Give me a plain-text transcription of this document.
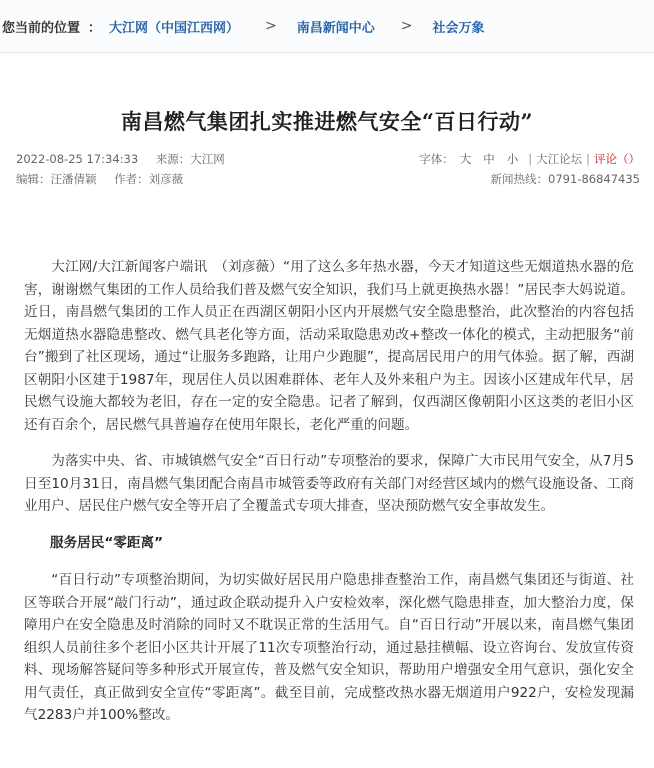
您当前的位置 ： 大江网（中国江西网） > 南昌新闻中心 > 社会万象
南昌燃气集团扎实推进燃气安全“百日行动”
2022-08-25 17:34:33 来源：大江网	字体： 大 中 小 | 大江论坛 | 评论（）
编辑：汪潘倩颖 作者：刘彦薇	新闻热线：0791-86847435

大江网/大江新闻客户端讯　（刘彦薇）“用了这么多年热水器，今天才知道这些无烟道热水器的危害，谢谢燃气集团的工作人员给我们普及燃气安全知识，我们马上就更换热水器！”居民李大妈说道。近日，南昌燃气集团的工作人员正在西湖区朝阳小区内开展燃气安全隐患整治，此次整治的内容包括无烟道热水器隐患整改、燃气具老化等方面，活动采取隐患劝改+整改一体化的模式，主动把服务“前台”搬到了社区现场，通过“让服务多跑路，让用户少跑腿”，提高居民用户的用气体验。据了解，西湖区朝阳小区建于1987年，现居住人员以困难群体、老年人及外来租户为主。因该小区建成年代早，居民燃气设施大都较为老旧，存在一定的安全隐患。记者了解到，仅西湖区像朝阳小区这类的老旧小区还有百余个，居民燃气具普遍存在使用年限长，老化严重的问题。

为落实中央、省、市城镇燃气安全“百日行动”专项整治的要求，保障广大市民用气安全，从7月5日至10月31日，南昌燃气集团配合南昌市城管委等政府有关部门对经营区域内的燃气设施设备、工商业用户、居民住户燃气安全等开启了全覆盖式专项大排查，坚决预防燃气安全事故发生。

服务居民“零距离”

“百日行动”专项整治期间，为切实做好居民用户隐患排查整治工作，南昌燃气集团还与街道、社区等联合开展“敲门行动”，通过政企联动提升入户安检效率，深化燃气隐患排查，加大整治力度，保障用户在安全隐患及时消除的同时又不耽误正常的生活用气。自“百日行动”开展以来，南昌燃气集团组织人员前往多个老旧小区共计开展了11次专项整治行动，通过悬挂横幅、设立咨询台、发放宣传资料、现场解答疑问等多种形式开展宣传，普及燃气安全知识，帮助用户增强安全用气意识，强化安全用气责任，真正做到安全宣传“零距离”。截至目前，完成整改热水器无烟道用户922户，安检发现漏气2283户并100%整改。
